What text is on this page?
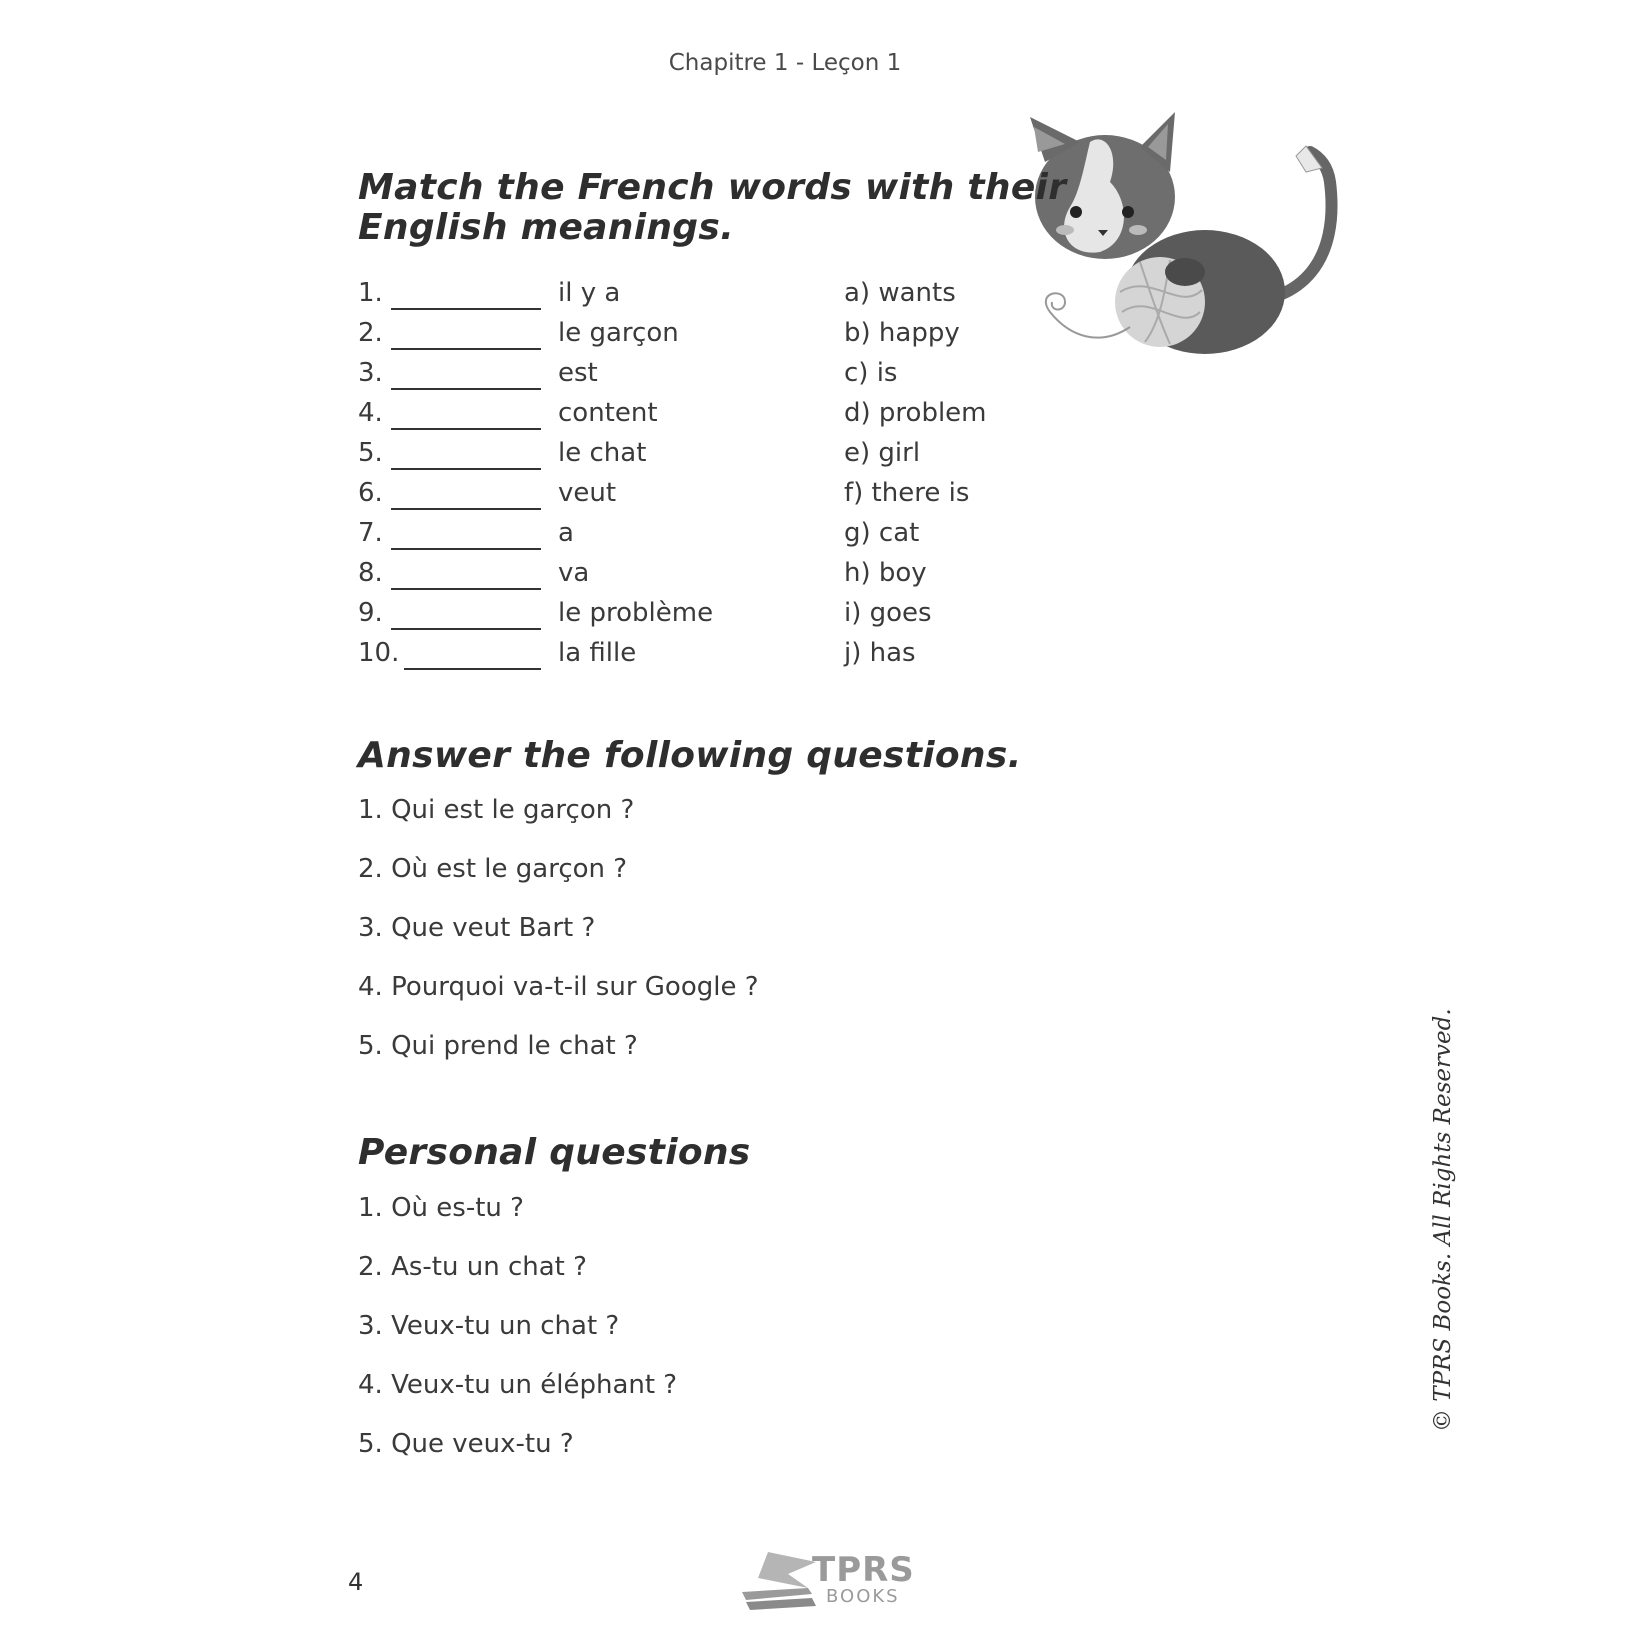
Chapitre 1 - Leçon 1
Match the French words with their
English meanings.
1.	il y a	a) wants
2.	le garçon	b) happy
3.	est	c) is
4.	content	d) problem
5.	le chat	e) girl
6.	veut	f) there is
7.	a	g) cat
8.	va	h) boy
9.	le problème	i) goes
10.	la fille	j) has
Answer the following questions.
1. Qui est le garçon ?
2. Où est le garçon ?
3. Que veut Bart ?
4. Pourquoi va-t-il sur Google ?
5. Qui prend le chat ?
Personal questions
1. Où es-tu ?
2. As-tu un chat ?
3. Veux-tu un chat ?
4. Veux-tu un éléphant ?
5. Que veux-tu ?
© TPRS Books. All Rights Reserved.
4	TPRS
BOOKS
